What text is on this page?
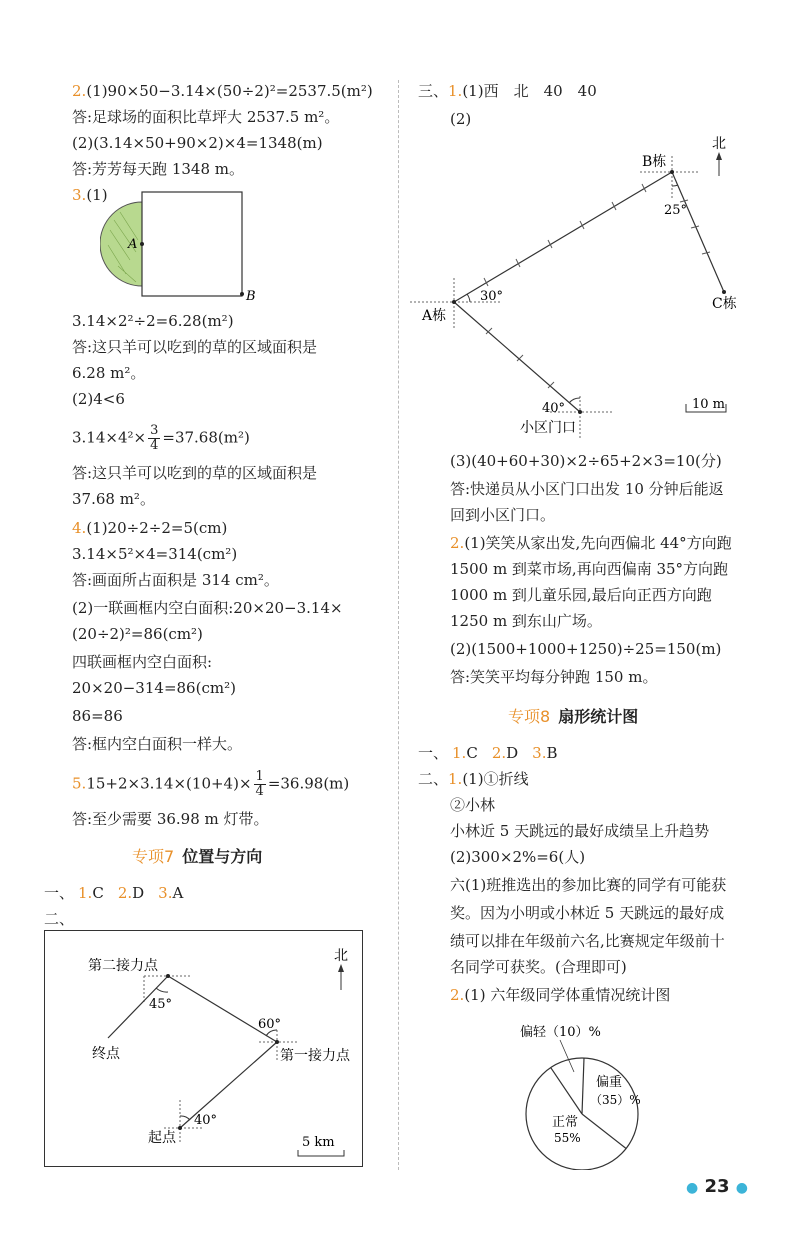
2.(1)90×50−3.14×(50÷2)²=2537.5(m²)
答:足球场的面积比草坪大 2537.5 m²。
(2)(3.14×50+90×2)×4=1348(m)
答:芳芳每天跑 1348 m。
3.(1)
A
B
3.14×2²÷2=6.28(m²)
答:这只羊可以吃到的草的区域面积是
6.28 m²。
(2)4<6
$3.14\times 4^2\times \frac{3}{4} =37.68(m^2)$
答:这只羊可以吃到的草的区域面积是
37.68 m²。
4.(1)20÷2÷2=5(cm)
3.14×5²×4=314(cm²)
答:画面所占面积是 314 cm²。
(2)一联画框内空白面积:20×20−3.14×
(20÷2)²=86(cm²)
四联画框内空白面积:
20×20−314=86(cm²)
86=86
答:框内空白面积一样大。
$5.15+2\times 3.14\times(10+4)\times \frac{1}{4} =36.98(m)$
答:至少需要 36.98 m 灯带。
专项7 位置与方向
一、 1.C 2.D 3.A
二、
第二接力点
45°
60°
第一接力点
终点
40°
起点
北
5 km
三、1.(1)西　北　40　40
(2)
B栋
25°
C栋
30°
A栋
40°
小区门口
北
10 m
(3)(40+60+30)×2÷65+2×3=10(分)
答:快递员从小区门口出发 10 分钟后能返
回到小区门口。
2.(1)笑笑从家出发,先向西偏北 44°方向跑
1500 m 到菜市场,再向西偏南 35°方向跑
1000 m 到儿童乐园,最后向正西方向跑
1250 m 到东山广场。
(2)(1500+1000+1250)÷25=150(m)
答:笑笑平均每分钟跑 150 m。
专项8 扇形统计图
一、 1.C 2.D 3.B
二、1.(1)①折线
②小林
小林近 5 天跳远的最好成绩呈上升趋势
(2)300×2%=6(人)
六(1)班推选出的参加比赛的同学有可能获
奖。因为小明或小林近 5 天跳远的最好成
绩可以排在年级前六名,比赛规定年级前十
名同学可获奖。(合理即可)
2.(1) 六年级同学体重情况统计图
偏轻（10）%
偏重
（35）%
正常
55%
● 23 ●
